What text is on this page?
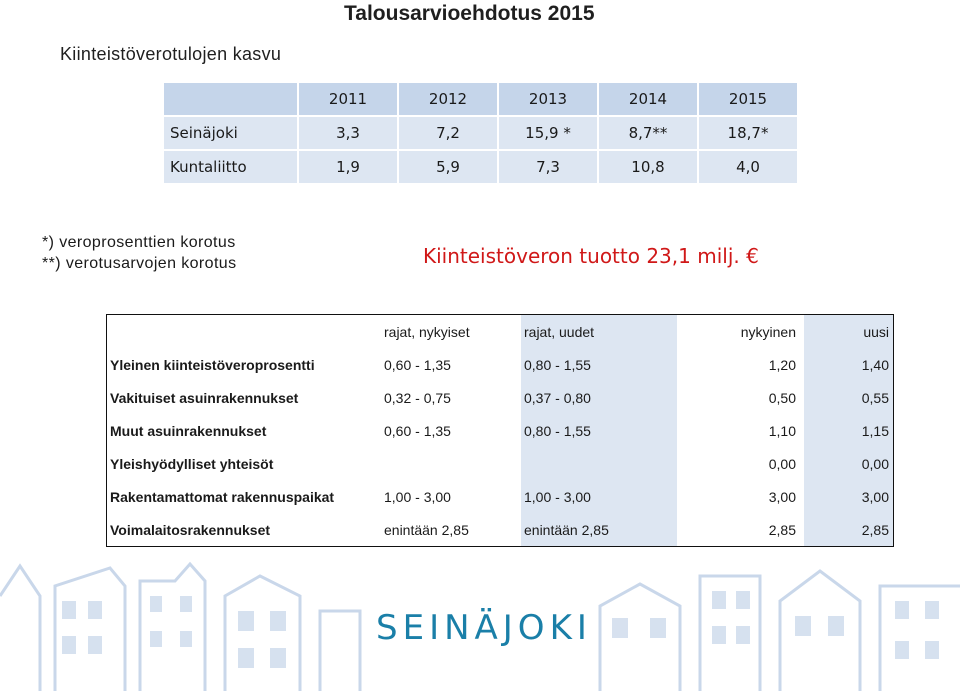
Talousarvioehdotus 2015
Kiinteistöverotulojen kasvu
	2011	2012	2013	2014	2015
Seinäjoki	3,3	7,2	15,9 *	8,7**	18,7*
Kuntaliitto	1,9	5,9	7,3	10,8	4,0
*) veroprosenttien korotus
**) verotusarvojen korotus	Kiinteistöveron tuotto 23,1 milj. €
	rajat, nykyiset	rajat, uudet	nykyinen	uusi
Yleinen kiinteistöveroprosentti	0,60 - 1,35	0,80 - 1,55	1,20	1,40
Vakituiset asuinrakennukset	0,32 - 0,75	0,37 - 0,80	0,50	0,55
Muut asuinrakennukset	0,60 - 1,35	0,80 - 1,55	1,10	1,15
Yleishyödylliset yhteisöt			0,00	0,00
Rakentamattomat rakennuspaikat	1,00 - 3,00	1,00 - 3,00	3,00	3,00
Voimalaitosrakennukset	enintään 2,85	enintään 2,85	2,85	2,85
SEINÄJOKI
